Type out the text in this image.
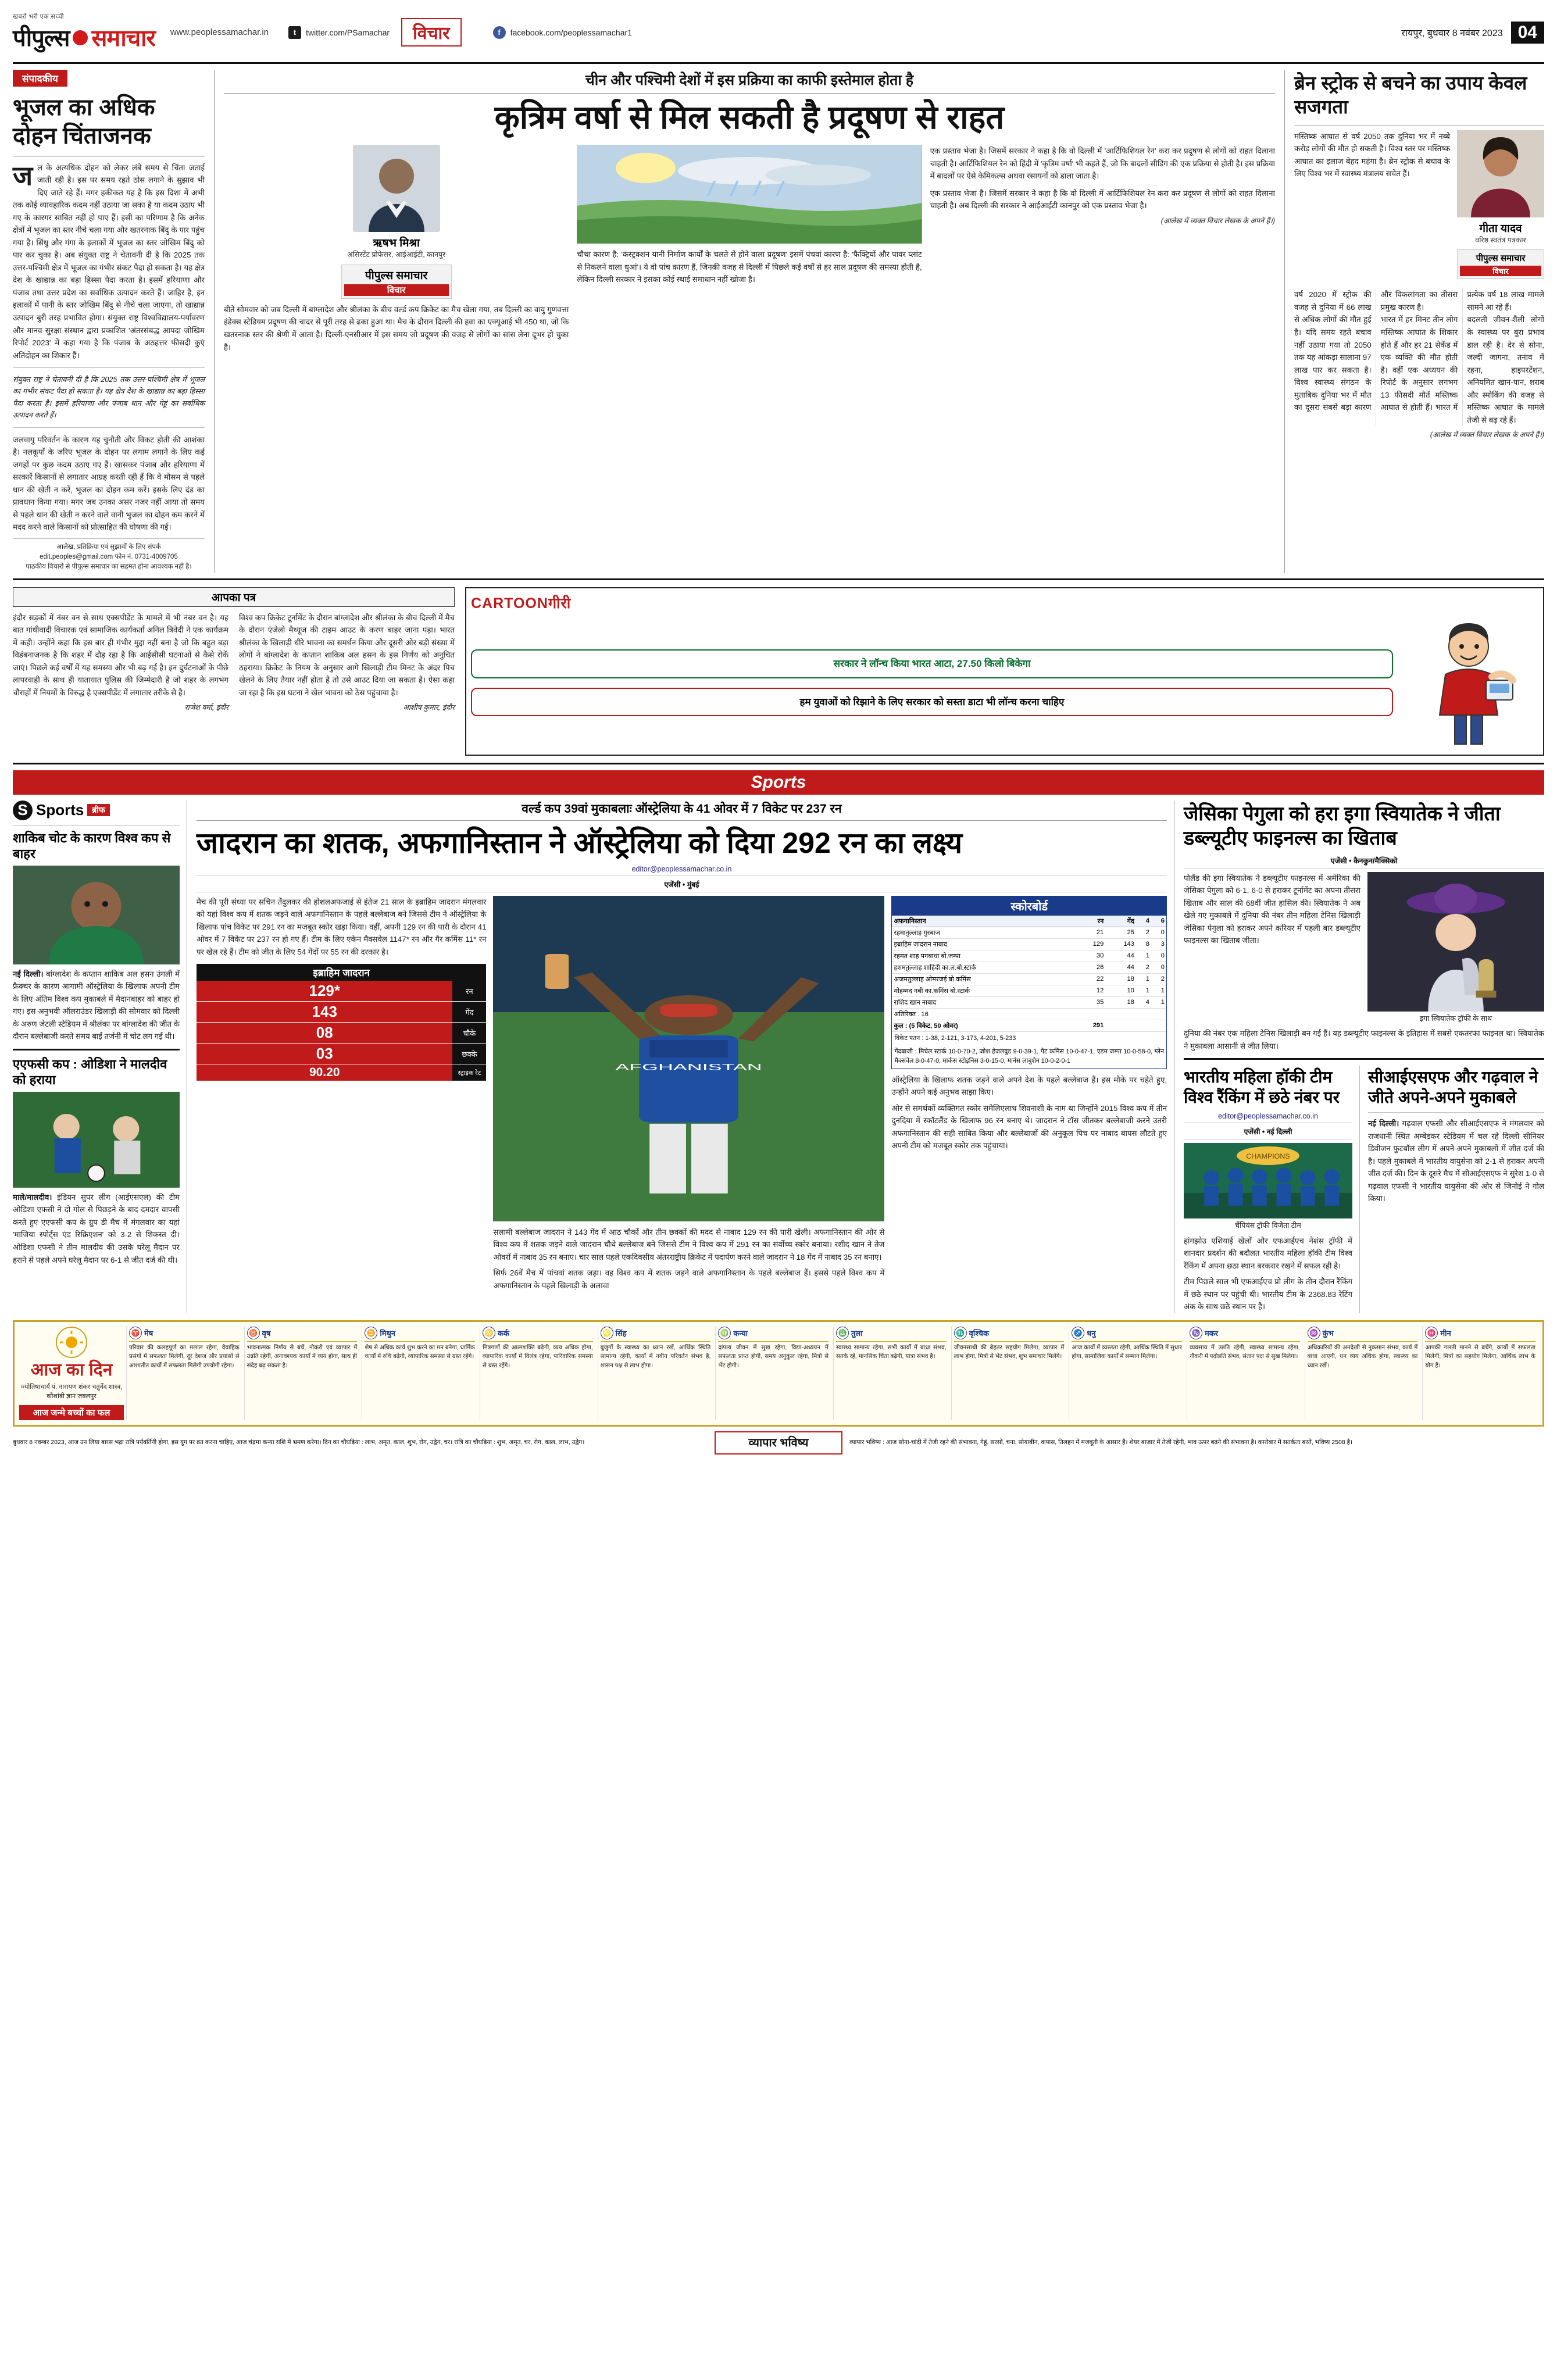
खबरों भरी एक सच्ची
पीपुल्स समाचार www.peoplessamachar.in	t	twitter.com/PSamachar	विचार	f	facebook.com/peoplessamachar1	रायपुर, बुधवार 8 नवंबर 2023 04
संपादकीय
भूजल का अधिक दोहन चिंताजनक
जल के अत्यधिक दोहन को लेकर लंबे समय से चिंता जताई जाती रही है। इस पर समय रहते ठोस लगाने के सुझाव भी दिए जाते रहे हैं। मगर हकीकत यह है कि इस दिशा में अभी तक कोई व्यावहारिक कदम नहीं उठाया जा सका है या कदम उठाए भी गए के कारगर साबित नहीं हो पाए हैं। इसी का परिणाम है कि अनेक क्षेत्रों में भूजल का स्तर नीचे चला गया और खतरनाक बिंदु के पार पहुंच गया है। सिंधु और गंगा के इलाकों में भूजल का स्तर जोखिम बिंदु को पार कर चुका है। अब संयुक्त राष्ट्र ने चेतावनी दी है कि 2025 तक उत्तर-पश्चिमी क्षेत्र में भूजल का गंभीर संकट पैदा हो सकता है। यह क्षेत्र देश के खाद्यान्न का बड़ा हिस्सा पैदा करता है। इसमें हरियाणा और पंजाब तथा उत्तर प्रदेश का सर्वाधिक उत्पादन करते हैं। जाहिर है, इन इलाकों में पानी के स्तर जोखिम बिंदु से नीचे चला जाएगा, तो खाद्यान्न उत्पादन बुरी तरह प्रभावित होगा। संयुक्त राष्ट्र विश्वविद्यालय-पर्यावरण और मानव सुरक्षा संस्थान द्वारा प्रकाशित 'अंतरसंबद्ध आपदा जोखिम रिपोर्ट 2023' में कहा गया है कि पंजाब के अठहत्तर फीसदी कुएं अतिदोहन का शिकार हैं।
संयुक्त राष्ट्र ने चेतावनी दी है कि 2025 तक उत्तर-पश्चिमी क्षेत्र में भूजल का गंभीर संकट पैदा हो सकता है। यह क्षेत्र देश के खाद्यान्न का बड़ा हिस्सा पैदा करता है। इसमें हरियाणा और पंजाब धान और गेहूं का सर्वाधिक उत्पादन करते हैं।
जलवायु परिवर्तन के कारण यह चुनौती और विकट होती की आशंका है। नलकूपों के जरिए भूजल के दोहन पर लगाम लगाने के लिए कई जगहों पर कुछ कदम उठाए गए हैं। खासकर पंजाब और हरियाणा में सरकारें किसानों से लगातार आग्रह करती रही हैं कि वे मौसम से पहले धान की खेती न करें, भूजल का दोहन कम करें। इसके लिए दंड का प्रावधान किया गया। मगर जब उनका असर नजर नहीं आया तो समय से पहले धान की खेती न करने वाले वानी भुजल का दोहन कम करने में मदद करने वाले किसानों को प्रोत्साहित की घोषणा की गई।
आलेख, प्रतिक्रिया एवं सुझावों के लिए संपर्क
edit.peoples@gmail.com फोन नं. 0731-4009705
पाठकीय विचारों से पीपुल्स समाचार का सहमत होना आवश्यक नहीं है।
चीन और पश्चिमी देशों में इस प्रक्रिया का काफी इस्तेमाल होता है
कृत्रिम वर्षा से मिल सकती है प्रदूषण से राहत
ऋषभ मिश्रा
असिस्टेंट प्रोफेसर, आईआईटी, कानपुर
पीपुल्स समाचार
विचार
बीते सोमवार को जब दिल्ली में बांग्लादेश और श्रीलंका के बीच वर्ल्ड कप क्रिकेट का मैच खेला गया, तब दिल्ली का वायु गुणवत्ता इंडेक्स स्टेडियम प्रदूषण की चादर से पूरी तरह से ढका हुआ था। मैच के दौरान दिल्ली की हवा का एक्यूआई भी 450 था, जो कि खतरनाक स्तर की श्रेणी में आता है। दिल्ली-एनसीआर में इस समय जो प्रदूषण की वजह से लोगों का सांस लेना दूभर हो चुका है।
चौथा कारण है: 'कंस्ट्रक्शन यानी निर्माण कार्यों के चलते से होने वाला प्रदूषण' इसमें पंचवां कारण है: 'फैक्ट्रियों और पावर प्लांट से निकलने वाला धुआं'। ये वो पांच कारण हैं, जिनकी वजह से दिल्ली में पिछले कई वर्षों से हर साल प्रदूषण की समस्या होती है, लेकिन दिल्ली सरकार ने इसका कोई स्थाई समाधान नहीं खोजा है।
एक प्रस्ताव भेजा है। जिसमें सरकार ने कहा है कि वो दिल्ली में 'आर्टिफिशियल रेन' करा कर प्रदूषण से लोगों को राहत दिलाना चाहती है। आर्टिफिशियल रेन को हिंदी में 'कृत्रिम वर्षा' भी कहते हैं, जो कि बादलों सीडिंग की एक प्रक्रिया से होती है। इस प्रक्रिया में बादलों पर ऐसे केमिकल्स अथवा रसायनों को डाला जाता है।
एक प्रस्ताव भेजा है। जिसमें सरकार ने कहा है कि वो दिल्ली में आर्टिफिशियल रेन करा कर प्रदूषण से लोगों को राहत दिलाना चाहती है। अब दिल्ली की सरकार ने आईआईटी कानपुर को एक प्रस्ताव भेजा है।
(आलेख में व्यक्त विचार लेखक के अपने हैं।)
ब्रेन स्ट्रोक से बचने का उपाय केवल सजगता
मस्तिष्क आघात से वर्ष 2050 तक दुनिया भर में नब्बे करोड़ लोगों की मौत हो सकती है। विश्व स्तर पर मस्तिष्क आघात का इलाज बेहद महंगा है। ब्रेन स्ट्रोक से बचाव के लिए विश्व भर में स्वास्थ्य मंत्रालय सचेत हैं।
गीता यादव
वरिष्ठ स्वतंत्र पत्रकार
पीपुल्स समाचार
विचार
वर्ष 2020 में स्ट्रोक की वजह से दुनिया में 66 लाख से अधिक लोगों की मौत हुई है। यदि समय रहते बचाव नहीं उठाया गया तो 2050 तक यह आंकड़ा सालाना 97 लाख पार कर सकता है। विश्व स्वास्थ्य संगठन के मुताबिक दुनिया भर में मौत का दूसरा सबसे बड़ा कारण और विकलांगता का तीसरा प्रमुख कारण है।
भारत में हर मिनट तीन लोग मस्तिष्क आघात के शिकार होते हैं और हर 21 सेकेंड में एक व्यक्ति की मौत होती है। वहीं एक अध्ययन की रिपोर्ट के अनुसार लगभग 13 फीसदी मौतें मस्तिष्क आघात से होती हैं। भारत में प्रत्येक वर्ष 18 लाख मामले सामने आ रहे हैं।
बदलती जीवन-शैली लोगों के स्वास्थ्य पर बुरा प्रभाव डाल रही है। देर से सोना, जल्दी जागना, तनाव में रहना, हाइपरटेंशन, अनियमित खान-पान, शराब और स्मोकिंग की वजह से मस्तिष्क आघात के मामले तेजी से बढ़ रहे हैं।
(आलेख में व्यक्त विचार लेखक के अपने हैं।)
आपका पत्र
इंदौर सड़कों में नंबर वन से साथ एक्सपीडेंट के मामले में भी नंबर वन है। यह बात गांधीवादी विचारक एवं सामाजिक कार्यकर्ता अनिल त्रिवेदी ने एक कार्यक्रम में कही। उन्होंने कहा कि इस बार ही गंभीर मुद्दा नहीं बना है जो कि बहुत बड़ा विडंबनाजनक है कि शहर में दौड़ रहा है कि आईसीसी घटनाओं से कैसे रोकें जाएं। पिछले कई वर्षों में यह समस्या और भी बढ़ गई है। इन दुर्घटनाओं के पीछे लापरवाही के साथ ही यातायात पुलिस की जिम्मेदारी है जो शहर के लगभग चौराहों में नियमों के विरुद्ध है एक्सपीडेंट में लगातार तरीके से है।
राजेश वर्मा, इंदौर
विश्व कप क्रिकेट टूर्नामेंट के दौरान बांग्लादेश और श्रीलंका के बीच दिल्ली में मैच के दौरान एंजेलो मैथ्यूज की टाइम आउट के करण बाहर जाना पड़ा। भारत श्रीलंका के खिलाड़ी धीरे भावना का समर्थन किया और दूसरी ओर बड़ी संख्या में लोगों ने बांग्लादेश के कप्तान शाकिब अल हसन के इस निर्णय को अनुचित ठहराया। क्रिकेट के नियम के अनुसार आगे खिलाड़ी टीम मिनट के अंदर पिच खेलने के लिए तैयार नहीं होता है तो उसे आउट दिया जा सकता है। ऐसा कहा जा रहा है कि इस घटना ने खेल भावना को ठेस पहुंचाया है।
आशीष कुमार, इंदौर
CARTOONगीरी
सरकार ने लॉन्च किया भारत आटा, 27.50 किलो बिकेगा
हम युवाओं को रिझाने के लिए सरकार को सस्ता डाटा भी लॉन्च करना चाहिए
Sports
S Sports	ब्रीफ
शाकिब चोट के कारण विश्व कप से बाहर
नई दिल्ली। बांग्लादेश के कप्तान शाकिब अल हसन उंगली में फ्रैक्चर के कारण आगामी ऑस्ट्रेलिया के खिलाफ अपनी टीम के लिए अंतिम विश्व कप मुकाबले में मैदानबाहर को बाहर हो गए। इस अनुभवी ऑलराउंडर खिलाड़ी की सोमवार को दिल्ली के अरुण जेटली स्टेडियम में श्रीलंका पर बांग्लादेश की जीत के दौरान बल्लेबाजी करते समय बाईं तर्जनी में चोट लग गई थी।
एएफसी कप : ओडिशा ने मालदीव को हराया
माले/मालदीव। इंडियन सुपर लीग (आईएसएल) की टीम ओडिशा एफसी ने दो गोल से पिछड़ने के बाद दमदार वापसी करते हुए एएफसी कप के ग्रुप डी मैच में मंगलवार का यहां 'माजिया स्पोर्ट्स एंड रिक्रिएशन' को 3-2 से शिकस्त दी। ओडिशा एफसी ने तीन मालदीव की उसके घरेलू मैदान पर हराने से पहले अपने घरेलू मैदान पर 6-1 से जीत दर्ज की थी।
वर्ल्ड कप 39वां मुकाबलाः ऑस्ट्रेलिया के 41 ओवर में 7 विकेट पर 237 रन
जादरान का शतक, अफगानिस्तान ने ऑस्ट्रेलिया को दिया 292 रन का लक्ष्य
editor@peoplessamachar.co.in
एजेंसी • मुंबई
मैच की पूरी संध्या पर सचिन तेंदुलकर की होशलअफजाई से इंतेज 21 साल के इब्राहिम जादरान मंगलवार को यहां विश्व कप में शतक जड़ने वाले अफगानिस्तान के पहले बल्लेबाज बने जिससे टीम ने ऑस्ट्रेलिया के खिलाफ पांच विकेट पर 291 रन का मजबूत स्कोर खड़ा किया। वहीं, अपनी 129 रन की पारी के दौरान 41 ओवर में 7 विकेट पर 237 रन हो गए हैं। टीम के लिए एकेन मैक्सवेल 1147* रन और गैर कमिंस 11* रन पर खेल रहे हैं। टीम को जीत के लिए 54 गेंदों पर 55 रन की दरकार है।
इब्राहिम जादरान
129*	रन
143	गेंद
08	चौके
03	छक्के
90.20	स्ट्राइक रेट
AFGHANISTAN
सलामी बल्लेबाज जादरान ने 143 गेंद में आठ चौकों और तीन छक्कों की मदद से नाबाद 129 रन की पारी खेली। अफगानिस्तान की ओर से विश्व कप में शतक जड़ने वाले जादरान चौथे बल्लेबाज बने जिससे टीम ने विश्व कप में 291 रन का सर्वोच्च स्कोर बनाया। रशीद खान ने तेज ओवरों में नाबाद 35 रन बनाए। चार साल पहले एकदिवसीय अंतरराष्ट्रीय क्रिकेट में पदार्पण करने वाले जादरान ने 18 गेंद में नाबाद 35 रन बनाए।
सिर्फ 26वें मैच में पांचवां शतक जड़ा। वह विश्व कप में शतक जड़ने वाले अफगानिस्तान के पहले बल्लेबाज हैं। इससे पहले विश्व कप में अफगानिस्तान के पहले खिलाड़ी के अलावा
स्कोरबोर्ड
अफगानिस्तान	रन	गेंद	4	6
रहमानुल्लाह गुरबाज	21	25	2	0
इब्राहिम जादरान नाबाद	129	143	8	3
रहमत शाह पगबाधा बो.जम्पा	30	44	1	0
हशमतुल्लाह शाहिदी का.ल.बो.स्टार्क	26	44	2	0
अजमतुल्लाह ओमरजई बो.कमिंस	22	18	1	2
मोहम्मद नबी का.कमिंस बो.स्टार्क	12	10	1	1
राशिद खान नाबाद	35	18	4	1
अतिरिक्त : 16				
कुल : (5 विकेट, 50 ओवर)	291			
विकेट पतन : 1-38, 2-121, 3-173, 4-201, 5-233
गेंदबाजी : मिचेल स्टार्क 10-0-70-2, जोश हेजलवुड 9-0-39-1, पैट कमिंस 10-0-47-1, एडम जम्पा 10-0-58-0, ग्लेन मैक्सवेल 8-0-47-0, मार्कस स्टोइनिस 3-0-15-0, मार्नस लाबुशेन 10-0-2-0-1
ऑस्ट्रेलिया के खिलाफ शतक जड़ने वाले अपने देश के पहले बल्लेबाज हैं। इस मौके पर चहेते हुए, उन्होंने अपने कई अनुभव साझा किए।
ओर से समर्थकों व्यक्तिगत स्कोर समेलिएलाध शिवनाशी के नाम था जिन्होंने 2015 विश्व कप में तीन दुनदिया में स्कॉटलैंड के खिलाफ 96 रन बनाए थे। जादरान ने टॉस जीतकर बल्लेबाजी करने उतरी अफगानिस्तान की सही साबित किया और बल्लेबाजों की अनुकूल पिच पर नाबाद बापस लौटते हुए अपनी टीम को मजबूत स्कोर तक पहुंचाया।
जेसिका पेगुला को हरा इगा स्वियातेक ने जीता डब्ल्यूटीए फाइनल्स का खिताब
एजेंसी • कैनकुन/मैक्सिको
पोलैंड की इगा स्वियातेक ने डब्ल्यूटीए फाइनल्स में अमेरिका की जेसिका पेगुला को 6-1, 6-0 से हराकर टूर्नामेंट का अपना तीसरा खिताब और साल की 68वीं जीत हासिल की। स्वियातेक ने अब खेले गए मुकाबले में दुनिया की नंबर तीन महिला टेनिस खिलाड़ी जेसिका पेगुला को हराकर अपने करियर में पहली बार डब्ल्यूटीए फाइनल्स का खिताब जीता।
इगा स्वियातेक ट्रॉफी के साथ
दुनिया की नंबर एक महिला टेनिस खिलाड़ी बन गई हैं। यह डब्ल्यूटीए फाइनल्स के इतिहास में सबसे एकतरफा फाइनल था। स्वियातेक ने मुकाबला आसानी से जीत लिया।
भारतीय महिला हॉकी टीम विश्व रैंकिंग में छठे नंबर पर
editor@peoplessamachar.co.in
एजेंसी • नई दिल्ली
CHAMPIONS
चैंपियंस ट्रॉफी विजेता टीम
हांगझोउ एशियाई खेलों और एफआईएच नेशंस ट्रॉफी में शानदार प्रदर्शन की बदौलत भारतीय महिला हॉकी टीम विश्व रैंकिंग में अपना छठा स्थान बरकरार रखने में सफल रही है।
टीम पिछले साल भी एफआईएच प्रो लीग के तीन दौरान रैंकिंग में छठे स्थान पर पहुंची थी। भारतीय टीम के 2368.83 रेटिंग अंक के साथ छठे स्थान पर है।
सीआईएसएफ और गढ़वाल ने जीते अपने-अपने मुकाबले
नई दिल्ली। गढ़वाल एफसी और सीआईएसएफ ने मंगलवार को राजधानी स्थित अम्बेडकर स्टेडियम में चल रहे दिल्ली सीनियर डिवीजन फुटबॉल लीग में अपने-अपने मुकाबलों में जीत दर्ज की है। पहले मुकाबले में भारतीय वायुसेना को 2-1 से हराकर अपनी जीत दर्ज की। दिन के दूसरे मैच में सीआईएसएफ ने सुरेश 1-0 से गढ़वाल एफसी ने भारतीय वायुसेना की ओर से जिनोई ने गोल किया।
आज का दिन
ज्योतिषाचार्य पं. नारायण शंकर चतुर्वेद शास्त्र, कौशांबी ज्ञान जबलपुर
आज जन्मे बच्चों का फल
♈ मेष
परिवार की कलहपूर्ण का मलाल रहेगा, वैवाहिक प्रसंगों में सफलता मिलेगी, दूर देशज और प्रयासों से आशातीत कार्यों में सफलता मिलेगी उपयोगी रहेगा।
♉ वृष
भावनात्मक निर्णय से बचें, नौकरी एवं व्यापार में उन्नति रहेगी, अनावश्यक कार्यों में व्यय होगा, साथ ही संदेह बढ़ सकता है।
♊ मिथुन
शेष से अधिक कार्य शुभ करने का मन बनेगा, धार्मिक कार्यों में रुचि बढ़ेगी, व्यापारिक समस्या से ग्रस्त रहेंगे।
♋ कर्क
मित्रगणों की आत्मशक्ति बढ़ेगी, व्यय अधिक होगा, व्यापारिक कार्यों में विलंब रहेगा, पारिवारिक समस्या से ग्रस्त रहेंगे।
♌ सिंह
बुजुर्गों के स्वास्थ्य का ध्यान रखें, आर्थिक स्थिति सामान्य रहेगी, कार्यों में नवीन परिवर्तन संभव है, शासन पक्ष से लाभ होगा।
♍ कन्या
दांपत्य जीवन में सुख रहेगा, विद्या-अध्ययन में सफलता प्राप्त होगी, समय अनुकूल रहेगा, मित्रों से भेंट होगी।
♎ तुला
स्वास्थ्य सामान्य रहेगा, सभी कार्यों में बाधा संभव, सतर्क रहें, मानसिक चिंता बढ़ेगी, यात्रा संभव है।
♏ वृश्चिक
जीवनसाथी की बेहतर सहयोग मिलेगा, व्यापार में लाभ होगा, मित्रों से भेंट संभव, शुभ समाचार मिलेंगे।
♐ धनु
आज कार्यों में व्यस्तता रहेगी, आर्थिक स्थिति में सुधार होगा, सामाजिक कार्यों में सम्मान मिलेगा।
♑ मकर
व्यवसाय में उन्नति रहेगी, स्वास्थ्य सामान्य रहेगा, नौकरी में पदोन्नति संभव, संतान पक्ष से सुख मिलेगा।
♒ कुंभ
अधिकारियों की अनदेखी से नुकसान संभव, कार्य में बाधा आएगी, धन व्यय अधिक होगा, स्वास्थ्य का ध्यान रखें।
♓ मीन
आपकी गलती मानने से बचेंगे, कार्यों में सफलता मिलेगी, मित्रों का सहयोग मिलेगा, आर्थिक लाभ के योग हैं।
बुधवार 8 नवम्बर 2023, आज उन लिया बारस भद्रा रात्रि पर्यवर्तिनी होगा, इस युग पर व्रत करना चाहिए, आज चंद्रमा कन्या राशि में भ्रमण करेगा। दिन का चौघड़िया : लाभ, अमृत, काल, शुभ, रोग, उद्वेग, चर। रात्रि का चौघड़िया : शुभ, अमृत, चर, रोग, काल, लाभ, उद्वेग।	व्यापार भविष्य	व्यापार भविष्य : आज सोना-चांदी में तेजी रहने की संभावना, गेहूं, सरसों, चना, सोयाबीन, कपास, तिलहन में मजबूती के आसार हैं। शेयर बाजार में तेजी रहेगी, भाव ऊपर बढ़ने की संभावना है। कारोबार में सतर्कता बरतें, भविष्य 2508 है।
